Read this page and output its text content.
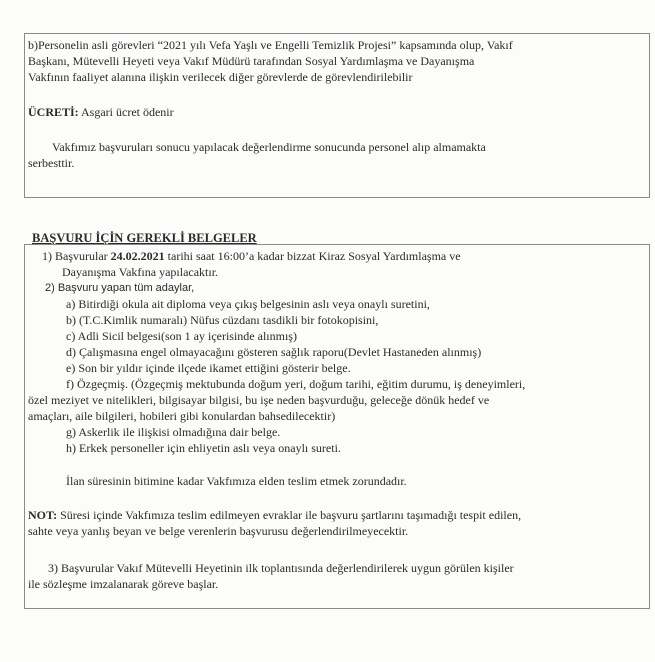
b)Personelin asli görevleri “2021 yılı Vefa Yaşlı ve Engelli Temizlik Projesi” kapsamında olup, Vakıf
Başkanı, Mütevelli Heyeti veya Vakıf Müdürü tarafından Sosyal Yardımlaşma ve Dayanışma
Vakfının faaliyet alanına ilişkin verilecek diğer görevlerde de görevlendirilebilir
ÜCRETİ: Asgari ücret ödenir
Vakfımız başvuruları sonucu yapılacak değerlendirme sonucunda personel alıp almamakta
serbesttir.
BAŞVURU İÇİN GEREKLİ BELGELER
1) Başvurular 24.02.2021 tarihi saat 16:00’a kadar bizzat Kiraz Sosyal Yardımlaşma ve
Dayanışma Vakfına yapılacaktır.
2) Başvuru yapan tüm adaylar,
a) Bitirdiği okula ait diploma veya çıkış belgesinin aslı veya onaylı suretini,
b) (T.C.Kimlik numaralı) Nüfus cüzdanı tasdikli bir fotokopisini,
c) Adli Sicil belgesi(son 1 ay içerisinde alınmış)
d) Çalışmasına engel olmayacağını gösteren sağlık raporu(Devlet Hastaneden alınmış)
e) Son bir yıldır içinde ilçede ikamet ettiğini gösterir belge.
f) Özgeçmiş. (Özgeçmiş mektubunda doğum yeri, doğum tarihi, eğitim durumu, iş deneyimleri,
özel meziyet ve nitelikleri, bilgisayar bilgisi, bu işe neden başvurduğu, geleceğe dönük hedef ve
amaçları, aile bilgileri, hobileri gibi konulardan bahsedilecektir)
g) Askerlik ile ilişkisi olmadığına dair belge.
h) Erkek personeller için ehliyetin aslı veya onaylı sureti.
İlan süresinin bitimine kadar Vakfımıza elden teslim etmek zorundadır.
NOT: Süresi içinde Vakfımıza teslim edilmeyen evraklar ile başvuru şartlarını taşımadığı tespit edilen,
sahte veya yanlış beyan ve belge verenlerin başvurusu değerlendirilmeyecektir.
3) Başvurular Vakıf Mütevelli Heyetinin ilk toplantısında değerlendirilerek uygun görülen kişiler
ile sözleşme imzalanarak göreve başlar.
